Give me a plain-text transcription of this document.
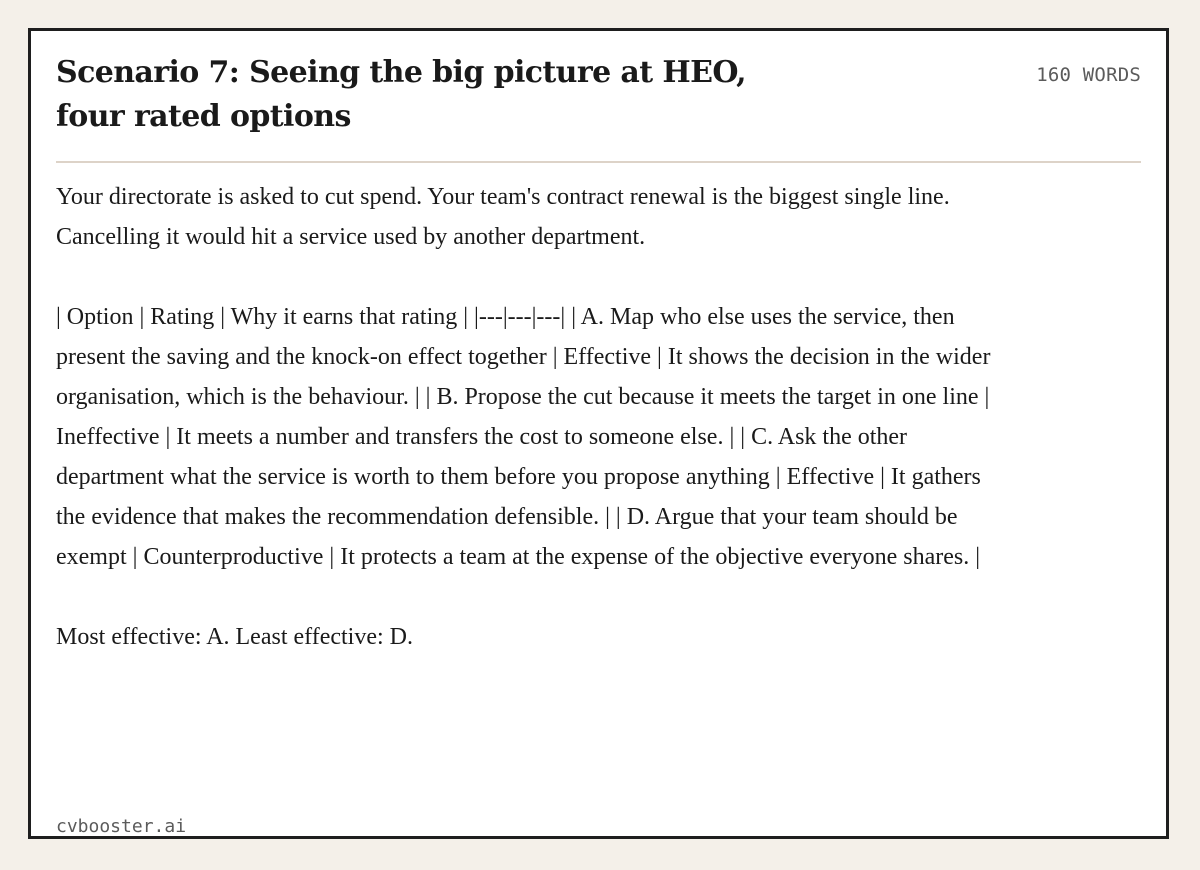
Scenario 7: Seeing the big picture at HEO,
four rated options
160 WORDS

Your directorate is asked to cut spend. Your team's contract renewal is the biggest single line. Cancelling it would hit a service used by another department.

| Option | Rating | Why it earns that rating | |---|---|---| | A. Map who else uses the service, then present the saving and the knock-on effect together | Effective | It shows the decision in the wider organisation, which is the behaviour. | | B. Propose the cut because it meets the target in one line | Ineffective | It meets a number and transfers the cost to someone else. | | C. Ask the other department what the service is worth to them before you propose anything | Effective | It gathers the evidence that makes the recommendation defensible. | | D. Argue that your team should be exempt | Counterproductive | It protects a team at the expense of the objective everyone shares. |

Most effective: A. Least effective: D.

cvbooster.ai
